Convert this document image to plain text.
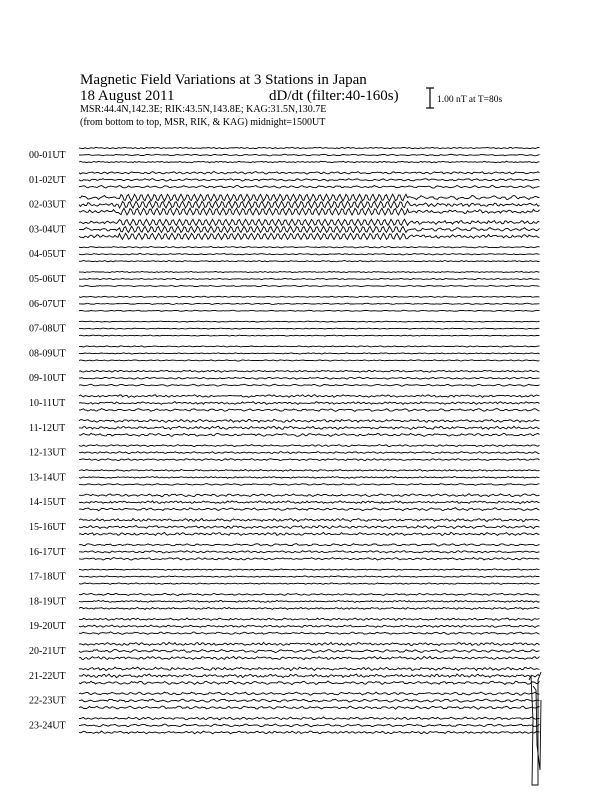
Magnetic Field Variations at 3 Stations in Japan
18 August 2011	dD/dt (filter:40-160s)
MSR:44.4N,142.3E; RIK:43.5N,143.8E; KAG:31.5N,130.7E
(from bottom to top, MSR, RIK, & KAG) midnight=1500UT
1.00 nT at T=80s
00-01UT
01-02UT
02-03UT
03-04UT
04-05UT
05-06UT
06-07UT
07-08UT
08-09UT
09-10UT
10-11UT
11-12UT
12-13UT
13-14UT
14-15UT
15-16UT
16-17UT
17-18UT
18-19UT
19-20UT
20-21UT
21-22UT
22-23UT
23-24UT
